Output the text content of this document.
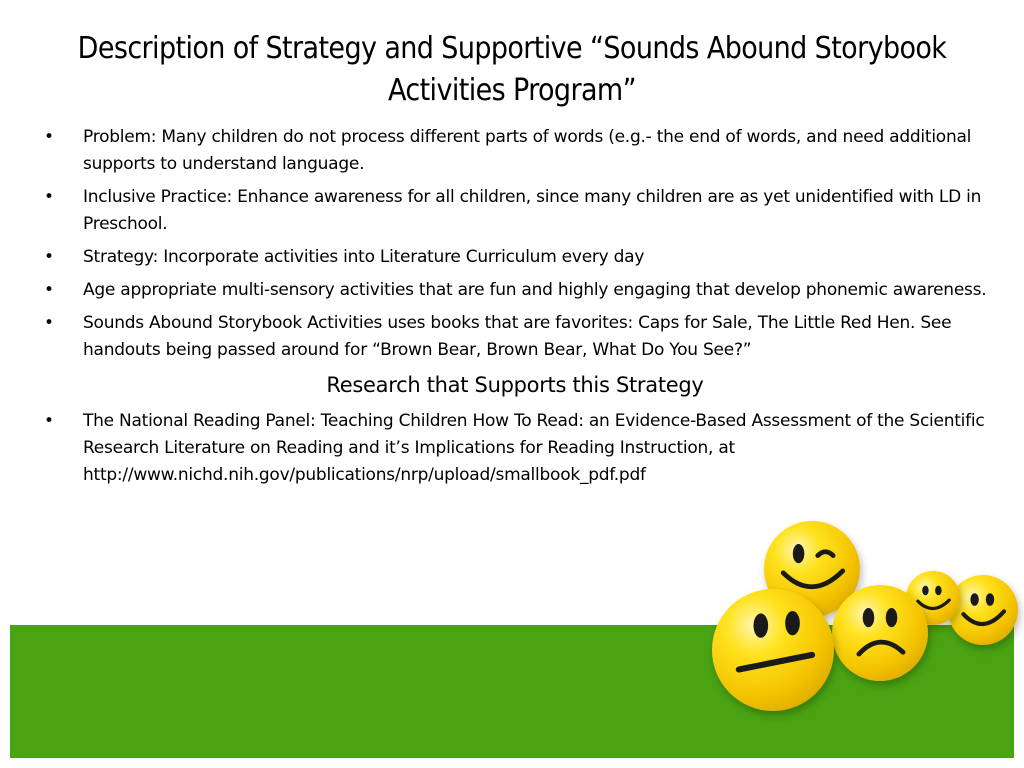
Description of Strategy and Supportive “Sounds Abound Storybook Activities Program”
• Problem: Many children do not process different parts of words (e.g.- the end of words, and need additional supports to understand language.
• Inclusive Practice: Enhance awareness for all children, since many children are as yet unidentified with LD in Preschool.
• Strategy: Incorporate activities into Literature Curriculum every day
• Age appropriate multi-sensory activities that are fun and highly engaging that develop phonemic awareness.
• Sounds Abound Storybook Activities uses books that are favorites: Caps for Sale, The Little Red Hen. See handouts being passed around for “Brown Bear, Brown Bear, What Do You See?”
Research that Supports this Strategy
• The National Reading Panel: Teaching Children How To Read: an Evidence-Based Assessment of the Scientific Research Literature on Reading and it’s Implications for Reading Instruction, at http://www.nichd.nih.gov/publications/nrp/upload/smallbook_pdf.pdf
